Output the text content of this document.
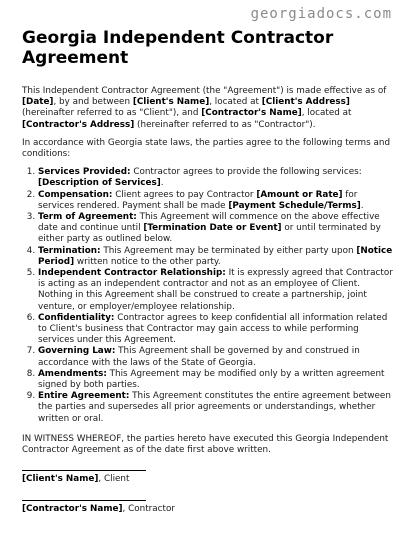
georgiadocs.com
Georgia Independent Contractor Agreement

This Independent Contractor Agreement (the "Agreement") is made effective as of [Date], by and between [Client's Name], located at [Client's Address] (hereinafter referred to as "Client"), and [Contractor's Name], located at [Contractor's Address] (hereinafter referred to as "Contractor").

In accordance with Georgia state laws, the parties agree to the following terms and conditions:

1. Services Provided: Contractor agrees to provide the following services: [Description of Services].
2. Compensation: Client agrees to pay Contractor [Amount or Rate] for services rendered. Payment shall be made [Payment Schedule/Terms].
3. Term of Agreement: This Agreement will commence on the above effective date and continue until [Termination Date or Event] or until terminated by either party as outlined below.
4. Termination: This Agreement may be terminated by either party upon [Notice Period] written notice to the other party.
5. Independent Contractor Relationship: It is expressly agreed that Contractor is acting as an independent contractor and not as an employee of Client. Nothing in this Agreement shall be construed to create a partnership, joint venture, or employer/employee relationship.
6. Confidentiality: Contractor agrees to keep confidential all information related to Client's business that Contractor may gain access to while performing services under this Agreement.
7. Governing Law: This Agreement shall be governed by and construed in accordance with the laws of the State of Georgia.
8. Amendments: This Agreement may be modified only by a written agreement signed by both parties.
9. Entire Agreement: This Agreement constitutes the entire agreement between the parties and supersedes all prior agreements or understandings, whether written or oral.

IN WITNESS WHEREOF, the parties hereto have executed this Georgia Independent Contractor Agreement as of the date first above written.

[Client's Name], Client
[Contractor's Name], Contractor
